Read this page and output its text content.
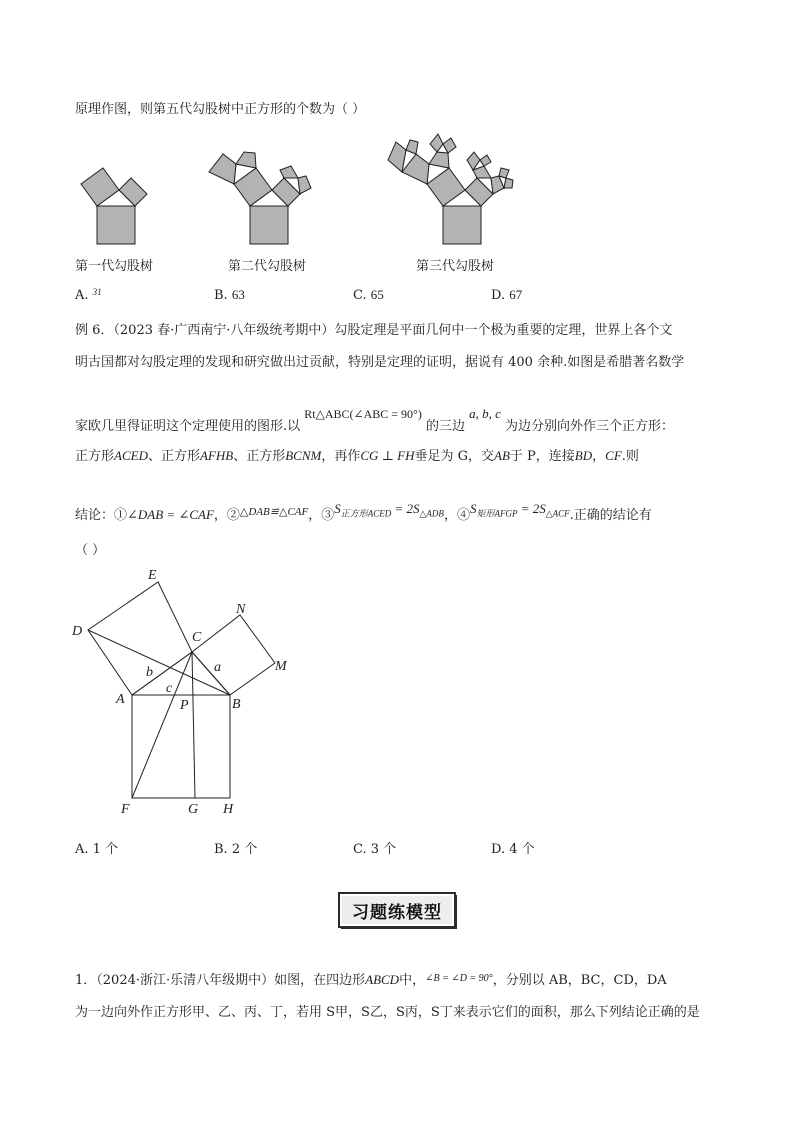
原理作图，则第五代勾股树中正方形的个数为（ ）
第一代勾股树	第二代勾股树	第三代勾股树
A. $^{31}$	B. 63	C. 65	D. 67
例 6．（2023 春·广西南宁·八年级统考期中）勾股定理是平面几何中一个极为重要的定理，世界上各个文
明古国都对勾股定理的发现和研究做出过贡献，特别是定理的证明，据说有 400 余种.如图是希腊著名数学
家欧几里得证明这个定理使用的图形.以 Rt△ABC(∠ABC = 90°) 的三边 a, b, c 为边分别向外作三个正方形：
正方形ACED、正方形AFHB、正方形BCNM，再作CG ⊥ FH垂足为 G，交AB于 P，连接BD，CF.则
结论：①∠DAB = ∠CAF，②$^{\triangle DAB≌\triangle CAF}$，$③S_{正方形ACED} = 2S_{\triangle ADB}$，$④S_{矩形AFGP} = 2S_{\triangle ACF}$.正确的结论有
（ ）
E
N
D	C
M
a
b
c
A	P	B
F	G H
A. 1 个	B. 2 个	C. 3 个	D. 4 个
习题练模型
1．（2024·浙江·乐清八年级期中）如图，在四边形ABCD中，$^{\angle B = \angle D = 90^\circ}$，分别以 AB，BC，CD，DA
为一边向外作正方形甲、乙、丙、丁，若用 S甲，S乙，S丙，S丁来表示它们的面积，那么下列结论正确的是
